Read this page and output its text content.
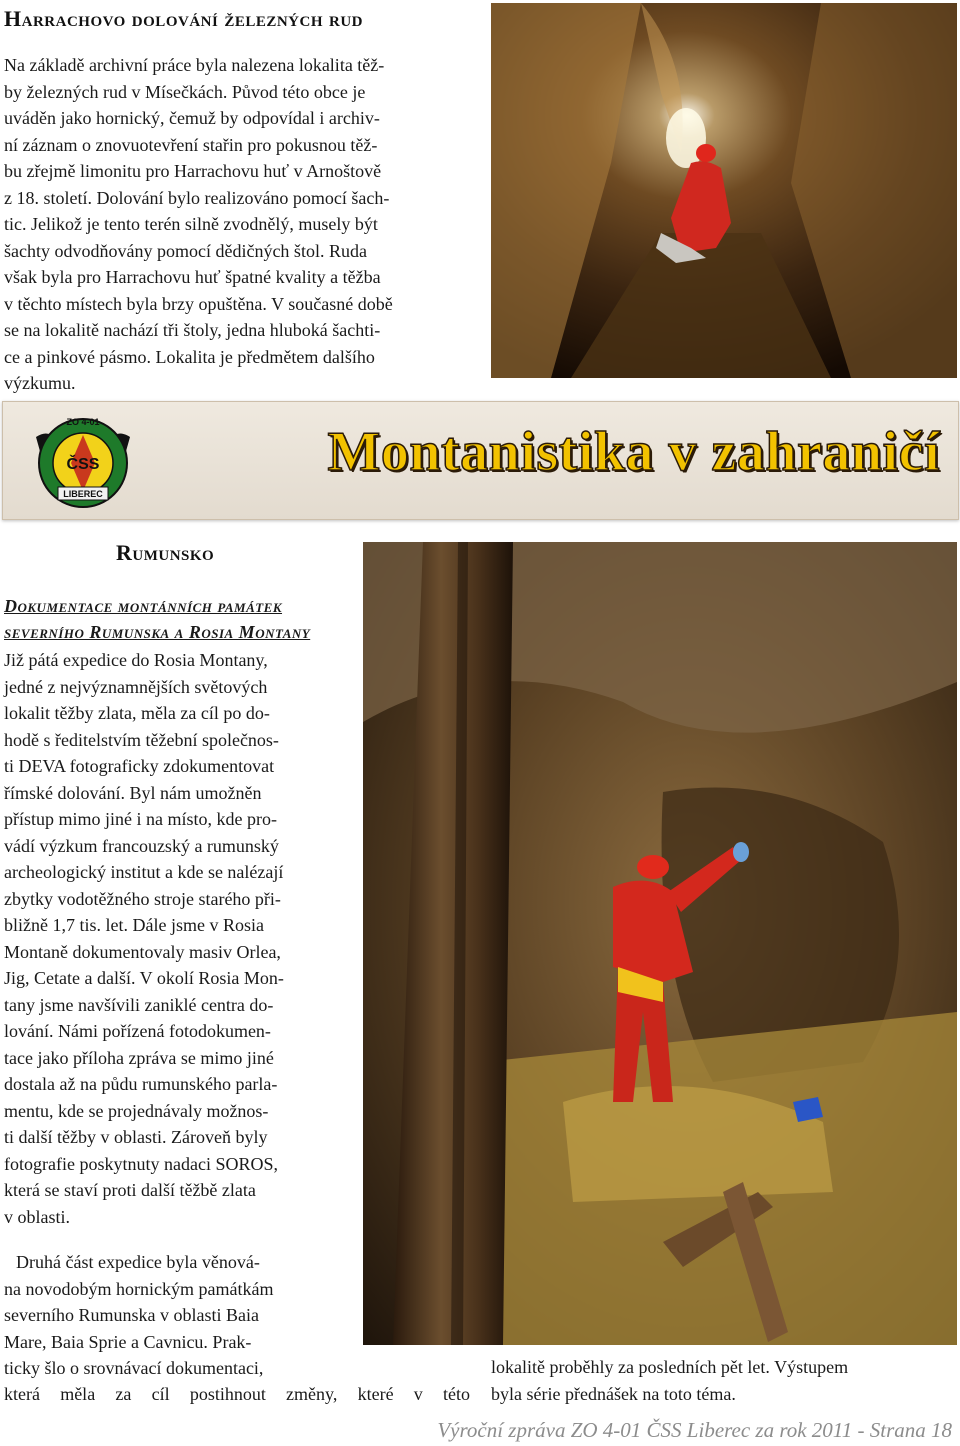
Harrachovo dolování železných rud

Na základě archivní práce byla nalezena lokalita těž-
by železných rud v Mísečkách. Původ této obce je
uváděn jako hornický, čemuž by odpovídal i archiv-
ní záznam o znovuotevření stařin pro pokusnou těž-
bu zřejmě limonitu pro Harrachovu huť v Arnoštově
z 18. století. Dolování bylo realizováno pomocí šach-
tic. Jelikož je tento terén silně zvodnělý, musely být
šachty odvodňovány pomocí dědičných štol. Ruda
však byla pro Harrachovu huť špatné kvality a těžba
v těchto místech byla brzy opuštěna. V současné době
se na lokalitě nachází tři štoly, jedna hluboká šachti-
ce a pinkové pásmo. Lokalita je předmětem dalšího
výzkumu.

ZO 4-01
ČSS
LIBEREC
Montanistika v zahraničí
Rumunsko
Dokumentace montánních památek
severního Rumunska a Rosia Montany

Již pátá expedice do Rosia Montany,
jedné z nejvýznamnějších světových
lokalit těžby zlata, měla za cíl po do-
hodě s ředitelstvím těžební společnos-
ti DEVA fotograficky zdokumentovat
římské dolování. Byl nám umožněn
přístup mimo jiné i na místo, kde pro-
vádí výzkum francouzský a rumunský
archeologický institut a kde se nalézají
zbytky vodotěžného stroje starého při-
bližně 1,7 tis. let. Dále jsme v Rosia
Montaně dokumentovaly masiv Orlea,
Jig, Cetate a další. V okolí Rosia Mon-
tany jsme navšívili zaniklé centra do-
lování. Námi pořízená fotodokumen-
tace jako příloha zpráva se mimo jiné
dostala až na půdu rumunského parla-
mentu, kde se projednávaly možnos-
ti další těžby v oblasti. Zároveň byly
fotografie poskytnuty nadaci SOROS,
která se staví proti další těžbě zlata
v oblasti.

Druhá část expedice byla věnová-
na novodobým hornickým památkám
severního Rumunska v oblasti Baia
Mare, Baia Sprie a Cavnicu. Prak-
ticky šlo o srovnávací dokumentaci,

která měla za cíl postihnout změny, které v této

lokalitě proběhly za posledních pět let. Výstupem
byla série přednášek na toto téma.

Výroční zpráva ZO 4-01 ČSS Liberec za rok 2011 - Strana 18
